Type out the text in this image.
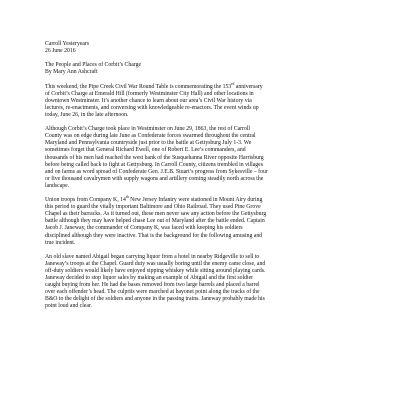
Carroll Yesteryears
26 June 2016
The People and Places of Corbit’s Charge
By Mary Ann Ashcraft
This weekend, the Pipe Creek Civil War Round Table is commemorating the 153rd anniversary
of Corbit’s Charge at Emerald Hill (formerly Westminster City Hall) and other locations in
downtown Westminster. It’s another chance to learn about our area’s Civil War history via
lectures, re-enactments, and conversing with knowledgeable re-enactors. The event winds up
today, June 26, in the late afternoon.
Although Corbit’s Charge took place in Westminster on June 29, 1863, the rest of Carroll
County was on edge during late June as Confederate forces swarmed throughout the central
Maryland and Pennsylvania countryside just prior to the battle at Gettysburg July 1-3. We
sometimes forget that General Richard Ewell, one of Robert E. Lee’s commanders, and
thousands of his men had reached the west bank of the Susquehanna River opposite Harrisburg
before being called back to fight at Gettysburg. In Carroll County, citizens trembled in villages
and on farms as word spread of Confederate Gen. J.E.B. Stuart’s progress from Sykesville – four
or five thousand cavalrymen with supply wagons and artillery coming steadily north across the
landscape.
Union troops from Company K, 14th New Jersey Infantry were stationed in Mount Airy during
this period to guard the vitally important Baltimore and Ohio Railroad. They used Pine Grove
Chapel as their barracks. As it turned out, these men never saw any action before the Gettysburg
battle although they may have helped chase Lee out of Maryland after the battle ended. Captain
Jacob J. Janeway, the commander of Company K, was faced with keeping his soldiers
disciplined although they were inactive. That is the background for the following amusing and
true incident.
An old slave named Abigail began carrying liquor from a hotel in nearby Ridgeville to sell to
Janeway’s troops at the Chapel. Guard duty was usually boring until the enemy came close, and
off-duty soldiers would likely have enjoyed sipping whiskey while sitting around playing cards.
Janeway decided to stop liquor sales by making an example of Abigail and the first soldier
caught buying from her. He had the bases removed from two large barrels and placed a barrel
over each offender’s head. The culprits were marched at bayonet point along the tracks of the
B&O to the delight of the soldiers and anyone in the passing trains. Janeway probably made his
point loud and clear.
